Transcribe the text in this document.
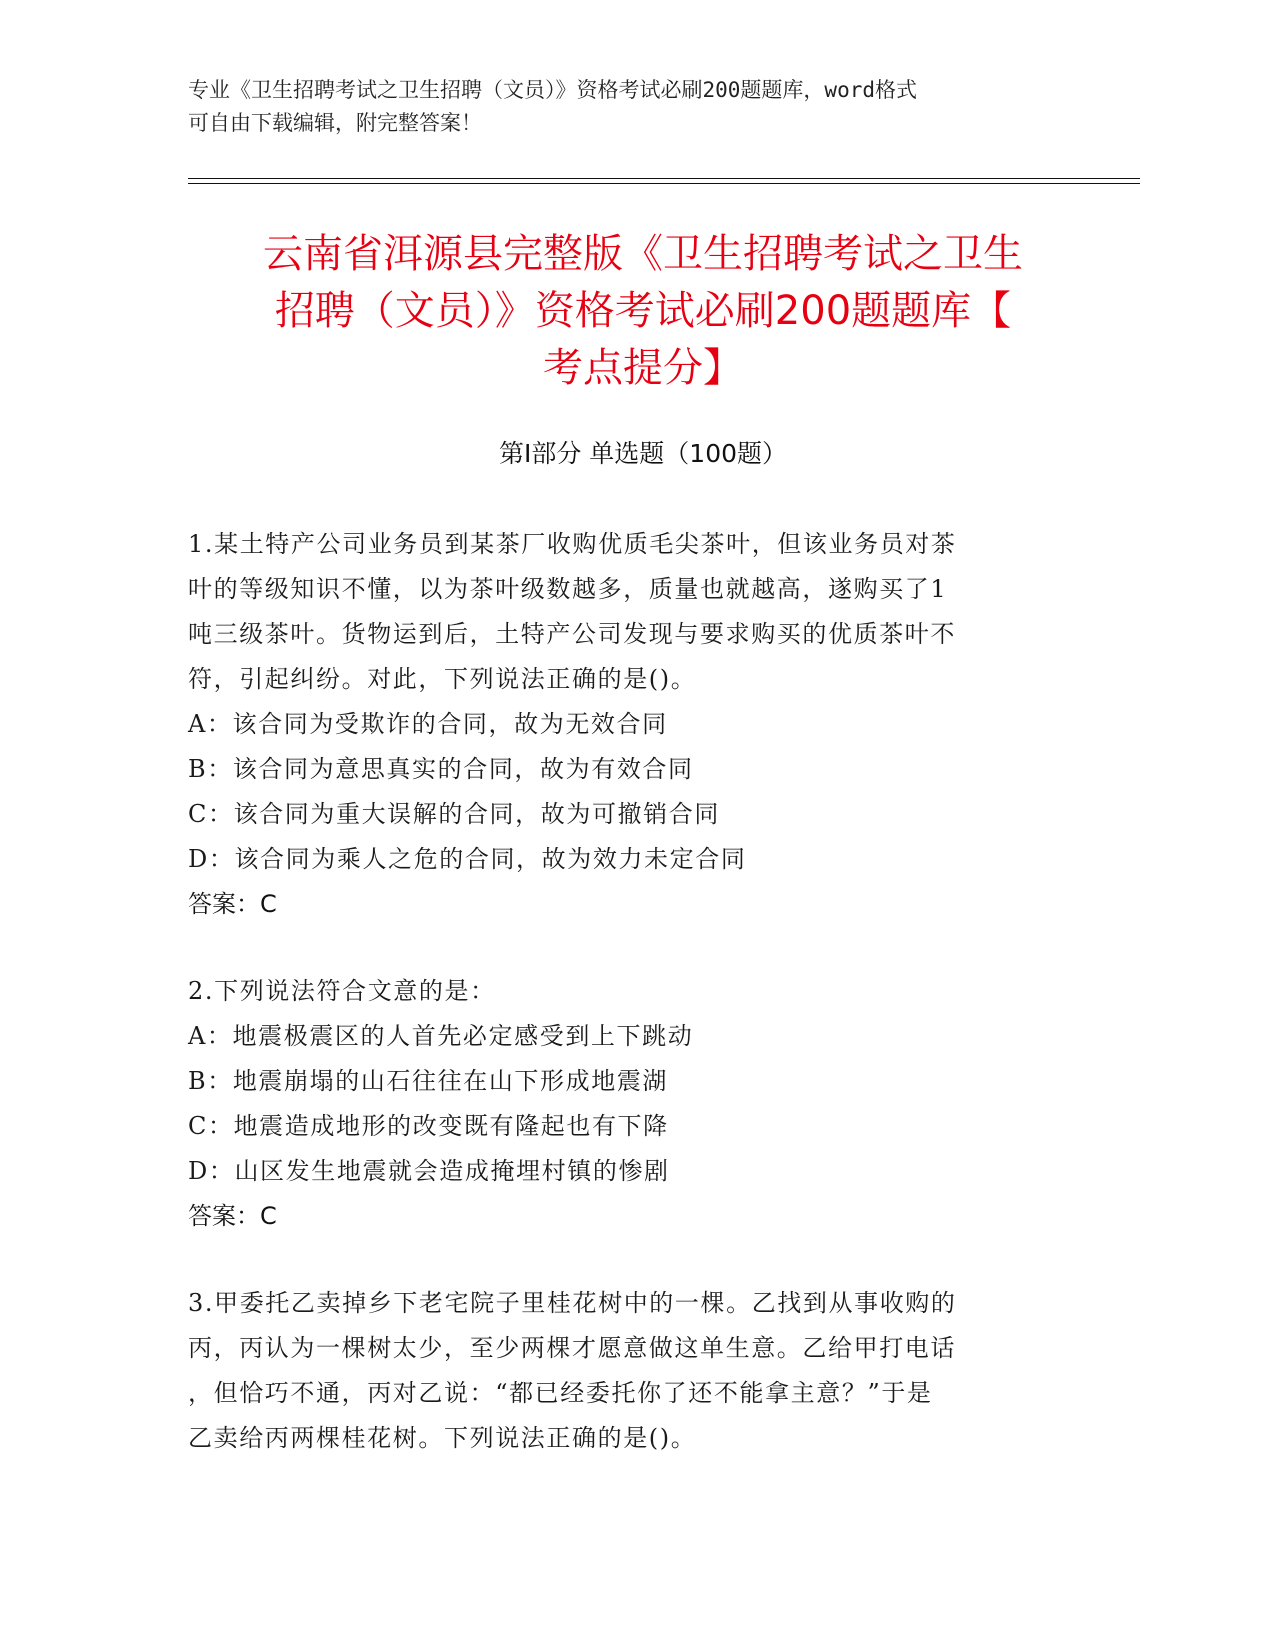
专业《卫生招聘考试之卫生招聘（文员）》资格考试必刷200题题库，word格式
可自由下载编辑，附完整答案！
云南省洱源县完整版《卫生招聘考试之卫生
招聘（文员）》资格考试必刷200题题库【
考点提分】
第Ⅰ部分 单选题（100题）

1.某土特产公司业务员到某茶厂收购优质毛尖茶叶，但该业务员对茶

叶的等级知识不懂，以为茶叶级数越多，质量也就越高，遂购买了1

吨三级茶叶。货物运到后，土特产公司发现与要求购买的优质茶叶不

符，引起纠纷。对此，下列说法正确的是()。

A：该合同为受欺诈的合同，故为无效合同

B：该合同为意思真实的合同，故为有效合同

C：该合同为重大误解的合同，故为可撤销合同

D：该合同为乘人之危的合同，故为效力未定合同

答案：C

2.下列说法符合文意的是：

A：地震极震区的人首先必定感受到上下跳动

B：地震崩塌的山石往往在山下形成地震湖

C：地震造成地形的改变既有隆起也有下降

D：山区发生地震就会造成掩埋村镇的惨剧

答案：C

3.甲委托乙卖掉乡下老宅院子里桂花树中的一棵。乙找到从事收购的

丙，丙认为一棵树太少，至少两棵才愿意做这单生意。乙给甲打电话

，但恰巧不通，丙对乙说：“都已经委托你了还不能拿主意？”于是

乙卖给丙两棵桂花树。下列说法正确的是()。
